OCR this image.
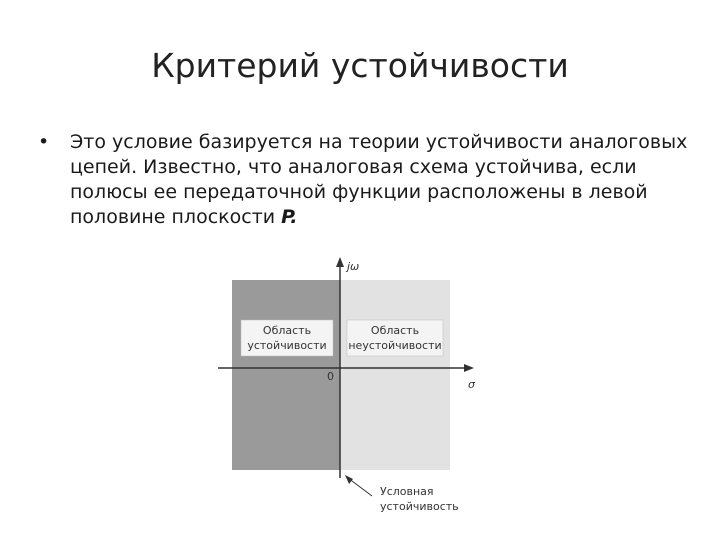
Критерий устойчивости
• Это условие базируется на теории устойчивости аналоговых цепей. Известно, что аналоговая схема устойчива, если полюсы ее передаточной функции расположены в левой половине плоскости P.
Область
устойчивости
Область
неустойчивости
jω
σ
0
Условная
устойчивость
